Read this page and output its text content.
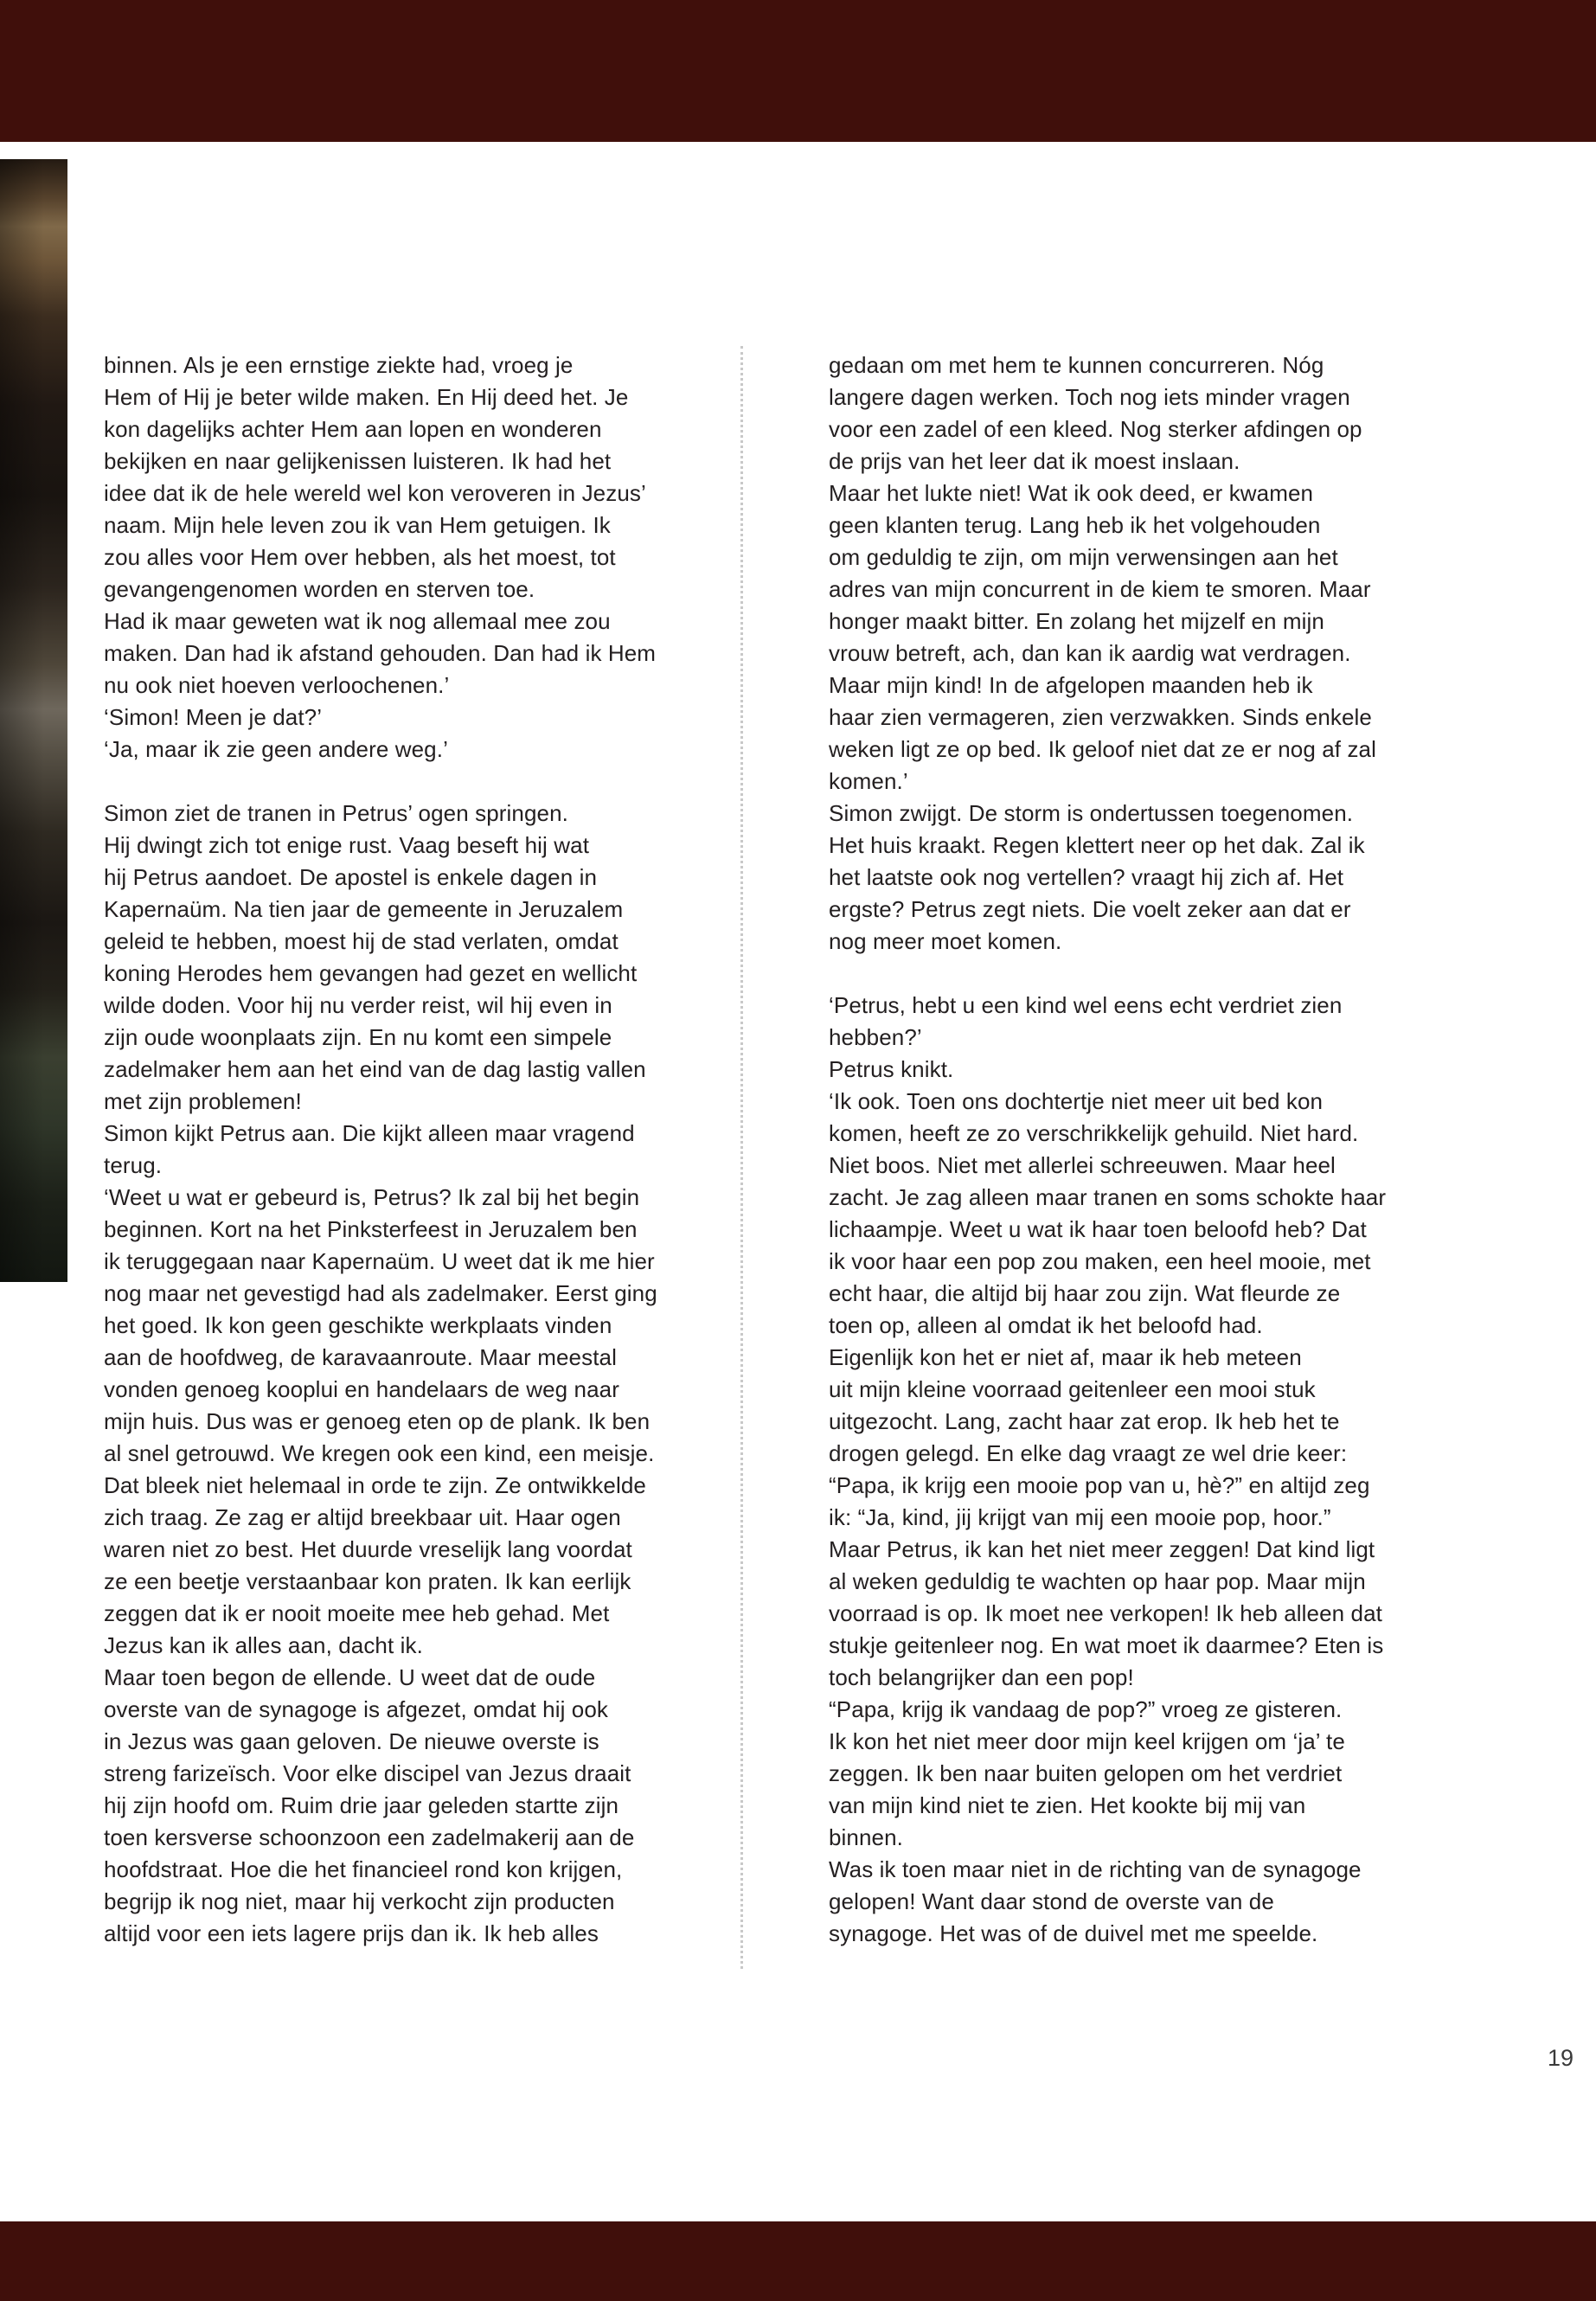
binnen. Als je een ernstige ziekte had, vroeg je
Hem of Hij je beter wilde maken. En Hij deed het. Je
kon dagelijks achter Hem aan lopen en wonderen
bekijken en naar gelijkenissen luisteren. Ik had het
idee dat ik de hele wereld wel kon veroveren in Jezus’
naam. Mijn hele leven zou ik van Hem getuigen. Ik
zou alles voor Hem over hebben, als het moest, tot
gevangengenomen worden en sterven toe.
Had ik maar geweten wat ik nog allemaal mee zou
maken. Dan had ik afstand gehouden. Dan had ik Hem
nu ook niet hoeven verloochenen.’
‘Simon! Meen je dat?’
‘Ja, maar ik zie geen andere weg.’

Simon ziet de tranen in Petrus’ ogen springen.
Hij dwingt zich tot enige rust. Vaag beseft hij wat
hij Petrus aandoet. De apostel is enkele dagen in
Kapernaüm. Na tien jaar de gemeente in Jeruzalem
geleid te hebben, moest hij de stad verlaten, omdat
koning Herodes hem gevangen had gezet en wellicht
wilde doden. Voor hij nu verder reist, wil hij even in
zijn oude woonplaats zijn. En nu komt een simpele
zadelmaker hem aan het eind van de dag lastig vallen
met zijn problemen!
Simon kijkt Petrus aan. Die kijkt alleen maar vragend
terug.
‘Weet u wat er gebeurd is, Petrus? Ik zal bij het begin
beginnen. Kort na het Pinksterfeest in Jeruzalem ben
ik teruggegaan naar Kapernaüm. U weet dat ik me hier
nog maar net gevestigd had als zadelmaker. Eerst ging
het goed. Ik kon geen geschikte werkplaats vinden
aan de hoofdweg, de karavaanroute. Maar meestal
vonden genoeg kooplui en handelaars de weg naar
mijn huis. Dus was er genoeg eten op de plank. Ik ben
al snel getrouwd. We kregen ook een kind, een meisje.
Dat bleek niet helemaal in orde te zijn. Ze ontwikkelde
zich traag. Ze zag er altijd breekbaar uit. Haar ogen
waren niet zo best. Het duurde vreselijk lang voordat
ze een beetje verstaanbaar kon praten. Ik kan eerlijk
zeggen dat ik er nooit moeite mee heb gehad. Met
Jezus kan ik alles aan, dacht ik.
Maar toen begon de ellende. U weet dat de oude
overste van de synagoge is afgezet, omdat hij ook
in Jezus was gaan geloven. De nieuwe overste is
streng farizeïsch. Voor elke discipel van Jezus draait
hij zijn hoofd om. Ruim drie jaar geleden startte zijn
toen kersverse schoonzoon een zadelmakerij aan de
hoofdstraat. Hoe die het financieel rond kon krijgen,
begrijp ik nog niet, maar hij verkocht zijn producten
altijd voor een iets lagere prijs dan ik. Ik heb alles
gedaan om met hem te kunnen concurreren. Nóg
langere dagen werken. Toch nog iets minder vragen
voor een zadel of een kleed. Nog sterker afdingen op
de prijs van het leer dat ik moest inslaan.
Maar het lukte niet! Wat ik ook deed, er kwamen
geen klanten terug. Lang heb ik het volgehouden
om geduldig te zijn, om mijn verwensingen aan het
adres van mijn concurrent in de kiem te smoren. Maar
honger maakt bitter. En zolang het mijzelf en mijn
vrouw betreft, ach, dan kan ik aardig wat verdragen.
Maar mijn kind! In de afgelopen maanden heb ik
haar zien vermageren, zien verzwakken. Sinds enkele
weken ligt ze op bed. Ik geloof niet dat ze er nog af zal
komen.’
Simon zwijgt. De storm is ondertussen toegenomen.
Het huis kraakt. Regen klettert neer op het dak. Zal ik
het laatste ook nog vertellen? vraagt hij zich af. Het
ergste? Petrus zegt niets. Die voelt zeker aan dat er
nog meer moet komen.

‘Petrus, hebt u een kind wel eens echt verdriet zien
hebben?’
Petrus knikt.
‘Ik ook. Toen ons dochtertje niet meer uit bed kon
komen, heeft ze zo verschrikkelijk gehuild. Niet hard.
Niet boos. Niet met allerlei schreeuwen. Maar heel
zacht. Je zag alleen maar tranen en soms schokte haar
lichaampje. Weet u wat ik haar toen beloofd heb? Dat
ik voor haar een pop zou maken, een heel mooie, met
echt haar, die altijd bij haar zou zijn. Wat fleurde ze
toen op, alleen al omdat ik het beloofd had.
Eigenlijk kon het er niet af, maar ik heb meteen
uit mijn kleine voorraad geitenleer een mooi stuk
uitgezocht. Lang, zacht haar zat erop. Ik heb het te
drogen gelegd. En elke dag vraagt ze wel drie keer:
“Papa, ik krijg een mooie pop van u, hè?” en altijd zeg
ik: “Ja, kind, jij krijgt van mij een mooie pop, hoor.”
Maar Petrus, ik kan het niet meer zeggen! Dat kind ligt
al weken geduldig te wachten op haar pop. Maar mijn
voorraad is op. Ik moet nee verkopen! Ik heb alleen dat
stukje geitenleer nog. En wat moet ik daarmee? Eten is
toch belangrijker dan een pop!
“Papa, krijg ik vandaag de pop?” vroeg ze gisteren.
Ik kon het niet meer door mijn keel krijgen om ‘ja’ te
zeggen. Ik ben naar buiten gelopen om het verdriet
van mijn kind niet te zien. Het kookte bij mij van
binnen.
Was ik toen maar niet in de richting van de synagoge
gelopen! Want daar stond de overste van de
synagoge. Het was of de duivel met me speelde.
19
